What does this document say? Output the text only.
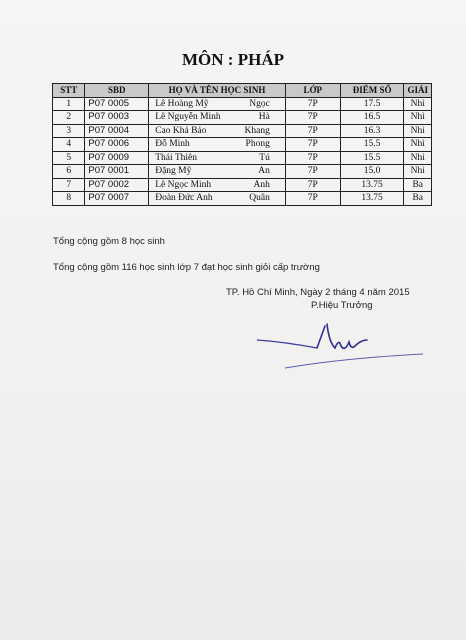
MÔN : PHÁP
STT	SBD	HỌ VÀ TÊN HỌC SINH	LỚP	ĐIỂM SỐ	GIẢI
1	P07 0005	Lê Hoàng Mỹ Ngọc	7P	17.5	Nhì
2	P07 0003	Lê Nguyễn Minh Hà	7P	16.5	Nhì
3	P07 0004	Cao Khả Bảo Khang	7P	16.3	Nhì
4	P07 0006	Đỗ Minh Phong	7P	15.5	Nhì
5	P07 0009	Thái Thiên Tú	7P	15.5	Nhì
6	P07 0001	Đặng Mỹ An	7P	15.0	Nhì
7	P07 0002	Lê Ngọc Minh Anh	7P	13.75	Ba
8	P07 0007	Đoàn Đức Anh Quân	7P	13.75	Ba
Tổng cộng gồm 8 học sinh
Tổng cộng gồm 116 học sinh lớp 7 đạt học sinh giỏi cấp trường
TP. Hồ Chí Minh, Ngày 2 tháng 4 năm 2015
P.Hiệu Trưởng
